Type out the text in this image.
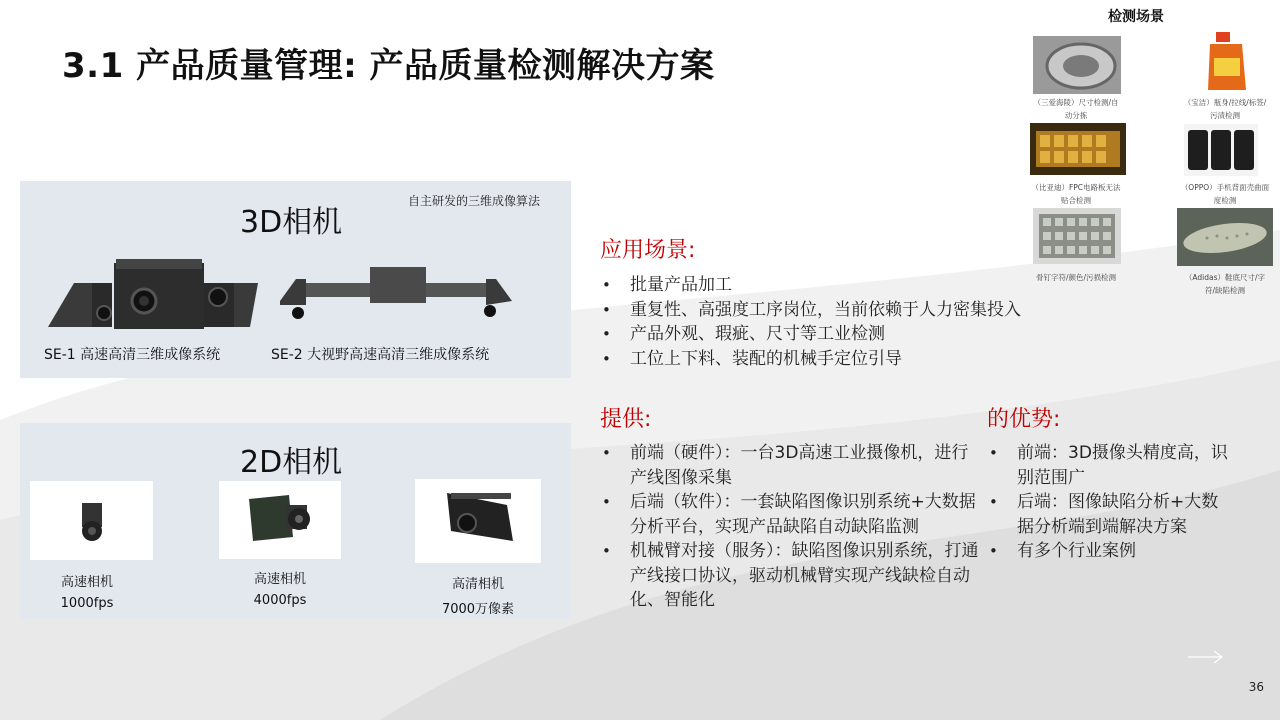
3.1 产品质量管理: 产品质量检测解决方案
3D相机
自主研发的三维成像算法
SE-1 高速高清三维成像系统	SE-2 大视野高速高清三维成像系统
2D相机
高速相机
1000fps
高速相机
4000fps
高清相机
7000万像素
应用场景:
• 批量产品加工
• 重复性、高强度工序岗位，当前依赖于人力密集投入
• 产品外观、瑕疵、尺寸等工业检测
• 工位上下料、装配的机械手定位引导
提供:
• 前端（硬件）：一台3D高速工业摄像机，进行产线图像采集
• 后端（软件）：一套缺陷图像识别系统+大数据分析平台，实现产品缺陷自动缺陷监测
• 机械臂对接（服务）：缺陷图像识别系统，打通产线接口协议，驱动机械臂实现产线缺检自动化、智能化
的优势:
• 前端：3D摄像头精度高，识别范围广
• 后端：图像缺陷分析+大数据分析端到端解决方案
• 有多个行业案例
检测场景
（三爱海陵）尺寸检测/自动分拣
（宝洁）瓶身/拉线/标签/污渍检测
（比亚迪）FPC电路板无法贴合检测
（OPPO）手机背面壳曲面度检测
骨钉字符/颜色/污损检测	（Adidas）鞋底尺寸/字符/缺陷检测
36
